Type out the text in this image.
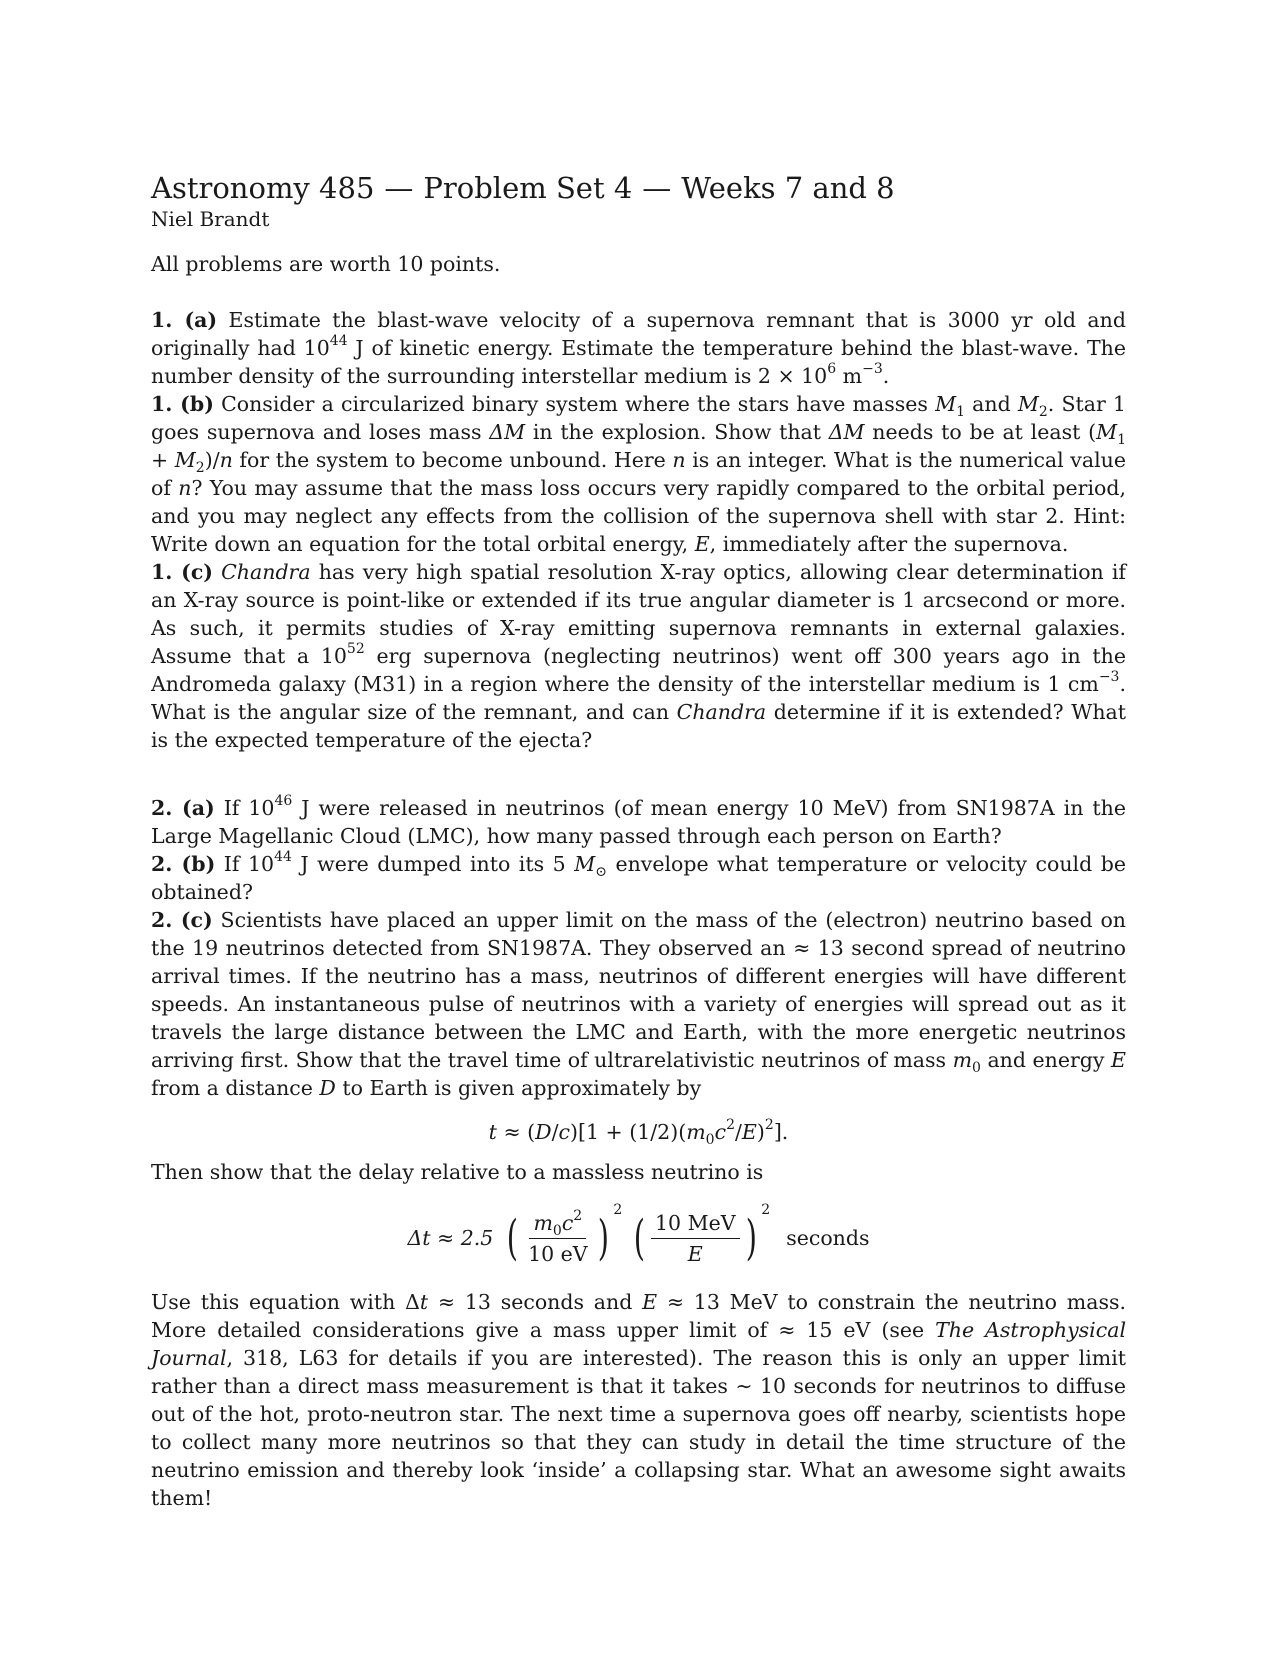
Astronomy 485 — Problem Set 4 — Weeks 7 and 8

Niel Brandt

All problems are worth 10 points.

1. (a) Estimate the blast-wave velocity of a supernova remnant that is 3000 yr old and originally had $10^{44}$ J of kinetic energy. Estimate the temperature behind the blast-wave. The number density of the surrounding interstellar medium is $2 \times 10^6$ $m^{-3}$.

1. (b) Consider a circularized binary system where the stars have masses $M_1$ and $M_2$. Star 1 goes supernova and loses mass ΔM in the explosion. Show that ΔM needs to be at least $(M_1 + M_2)/n$ for the system to become unbound. Here n is an integer. What is the numerical value of n? You may assume that the mass loss occurs very rapidly compared to the orbital period, and you may neglect any effects from the collision of the supernova shell with star 2. Hint: Write down an equation for the total orbital energy, E, immediately after the supernova.

1. (c) Chandra has very high spatial resolution X-ray optics, allowing clear determination if an X-ray source is point-like or extended if its true angular diameter is 1 arcsecond or more. As such, it permits studies of X-ray emitting supernova remnants in external galaxies. Assume that a $10^{52}$ erg supernova (neglecting neutrinos) went off 300 years ago in the Andromeda galaxy (M31) in a region where the density of the interstellar medium is 1 $cm^{-3}$. What is the angular size of the remnant, and can Chandra determine if it is extended? What is the expected temperature of the ejecta?

2. (a) If $10^{46}$ J were released in neutrinos (of mean energy 10 MeV) from SN1987A in the Large Magellanic Cloud (LMC), how many passed through each person on Earth?

2. (b) If $10^{44}$ J were dumped into its 5 $M_⊙$ envelope what temperature or velocity could be obtained?

2. (c) Scientists have placed an upper limit on the mass of the (electron) neutrino based on the 19 neutrinos detected from SN1987A. They observed an ≈ 13 second spread of neutrino arrival times. If the neutrino has a mass, neutrinos of different energies will have different speeds. An instantaneous pulse of neutrinos with a variety of energies will spread out as it travels the large distance between the LMC and Earth, with the more energetic neutrinos arriving first. Show that the travel time of ultrarelativistic neutrinos of mass $m_0$ and energy E from a distance D to Earth is given approximately by

$t \approx (D/c)[1 + (1/2)(m_0c^2/E)^2]$.

Then show that the delay relative to a massless neutrino is

Δt ≈ 2.5 ( $\frac{m_0c^2}{10 eV}$ ) 2 ( $\frac{\text{10 MeV}}{E}$ ) 2
seconds

Use this equation with Δt ≈ 13 seconds and E ≈ 13 MeV to constrain the neutrino mass. More detailed considerations give a mass upper limit of ≈ 15 eV (see The Astrophysical Journal, 318, L63 for details if you are interested). The reason this is only an upper limit rather than a direct mass measurement is that it takes ∼ 10 seconds for neutrinos to diffuse out of the hot, proto-neutron star. The next time a supernova goes off nearby, scientists hope to collect many more neutrinos so that they can study in detail the time structure of the neutrino emission and thereby look ‘inside’ a collapsing star. What an awesome sight awaits them!
